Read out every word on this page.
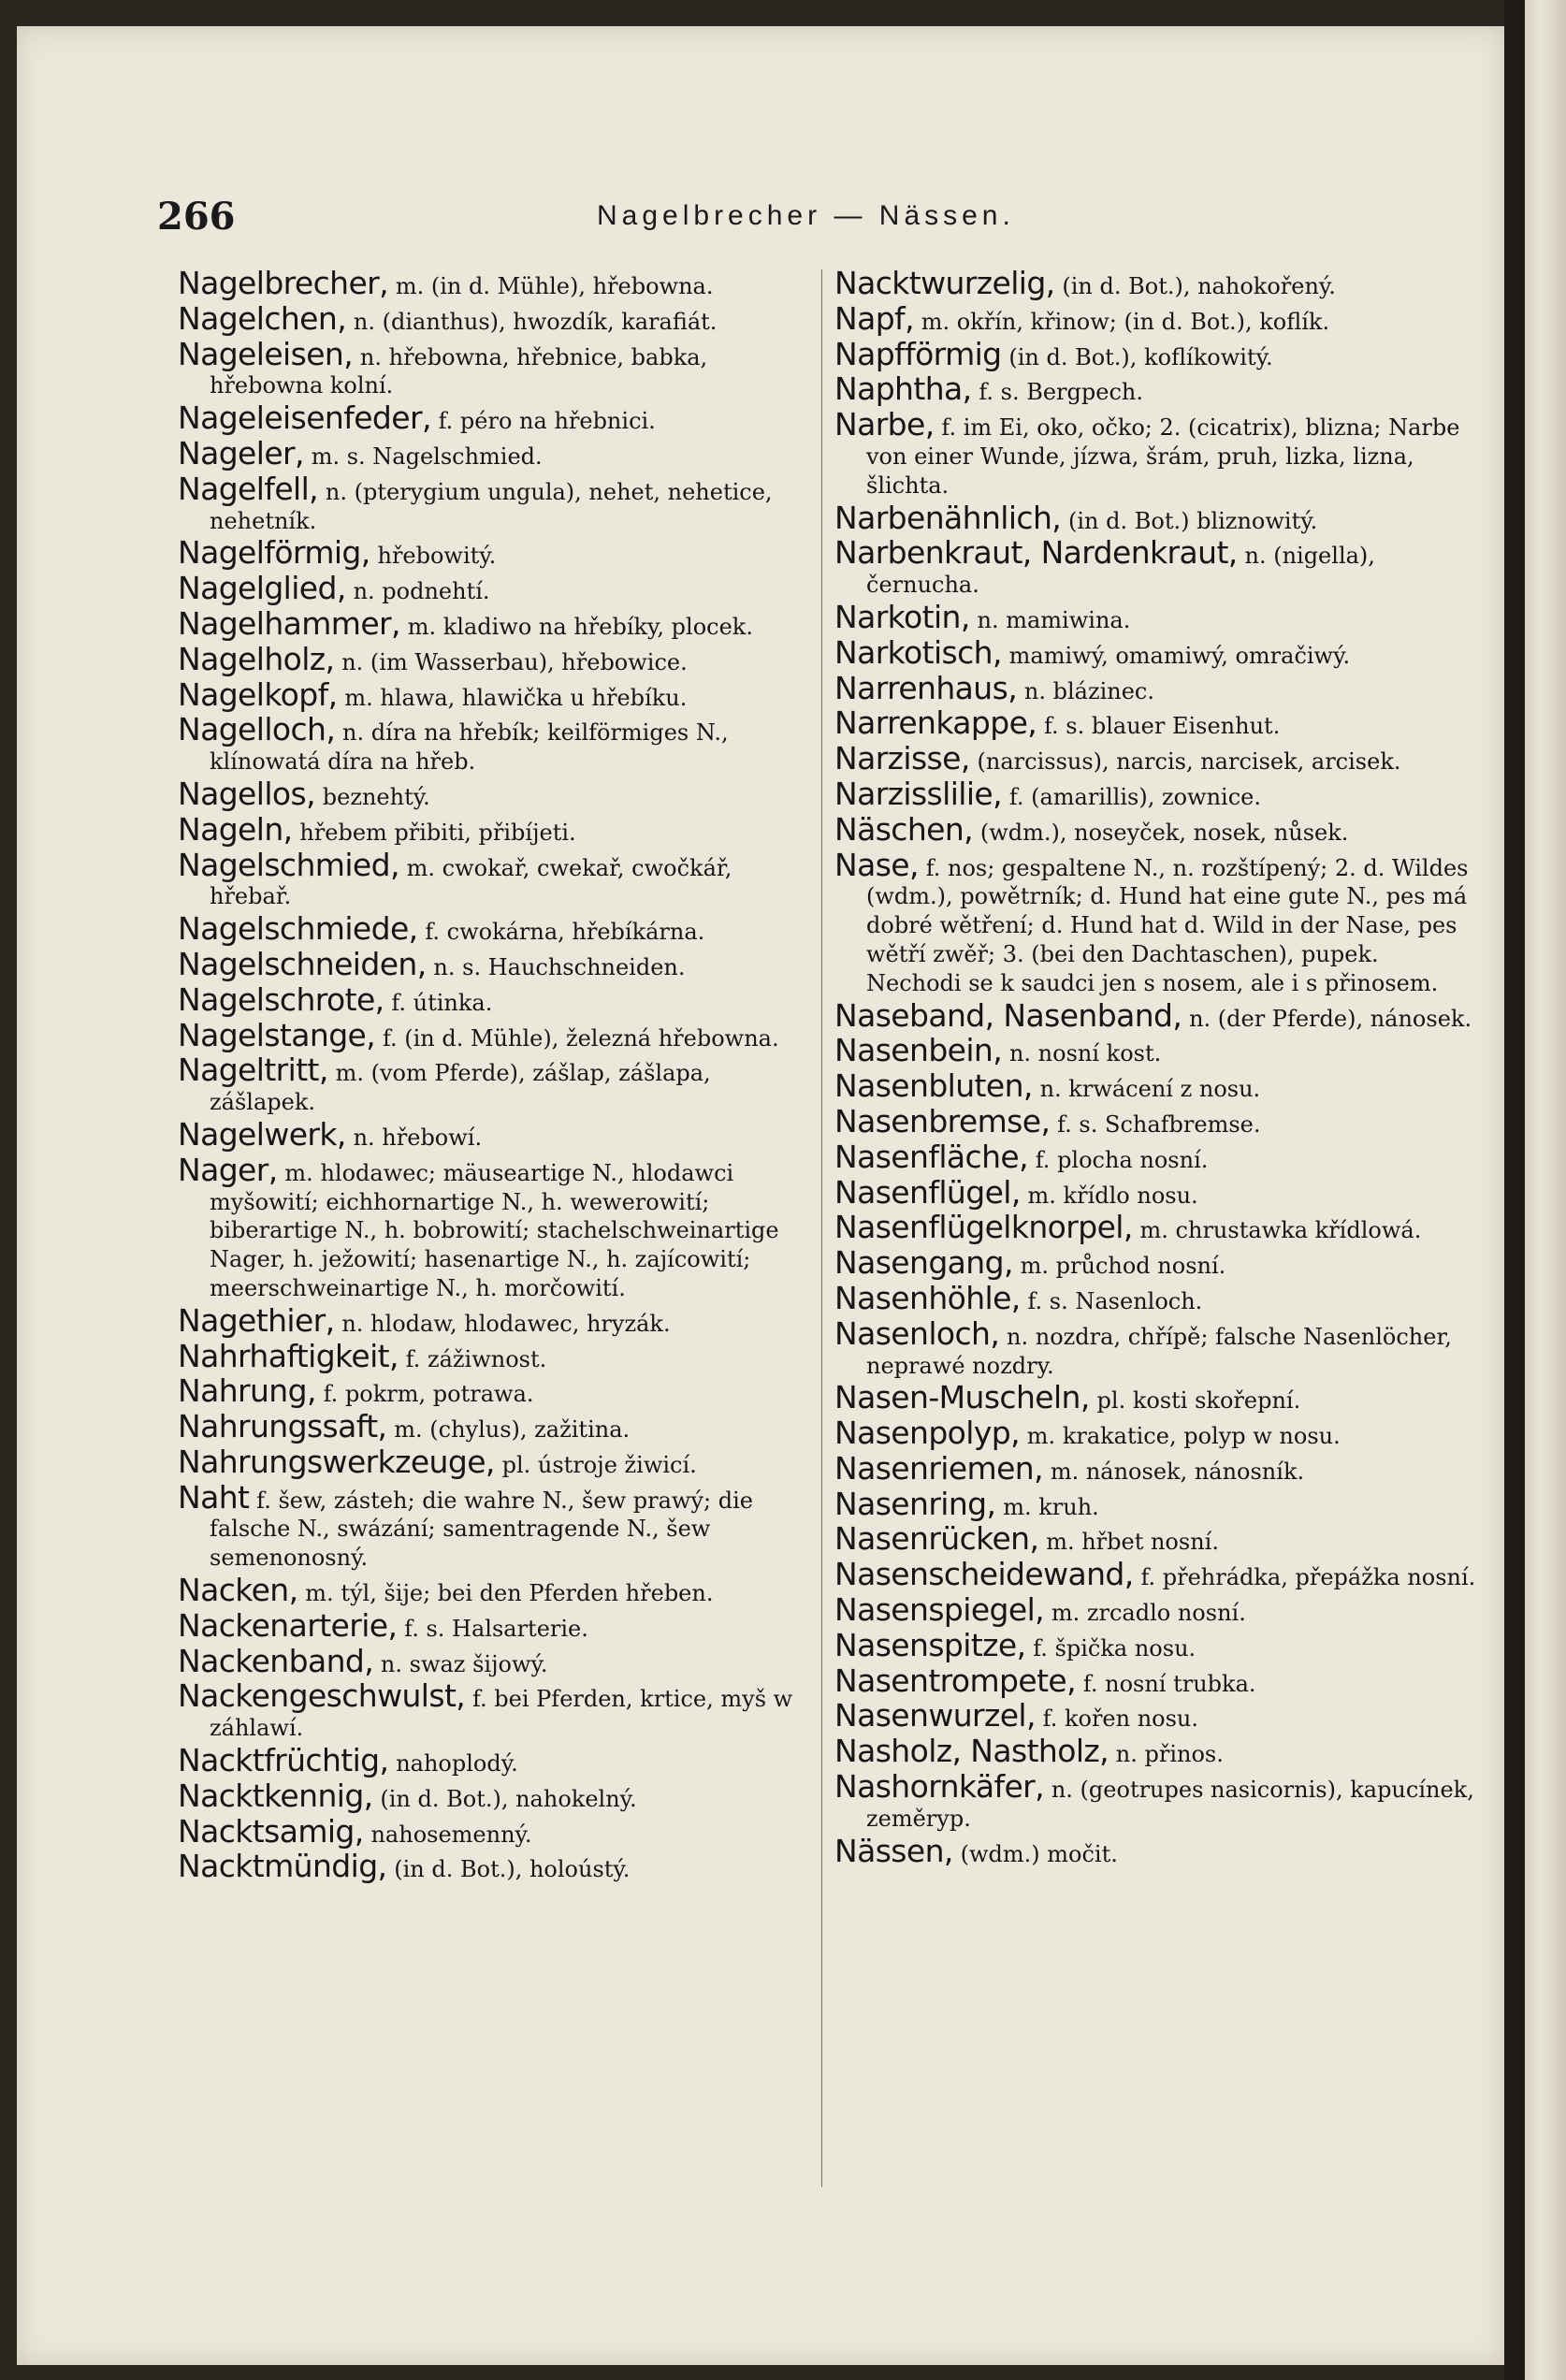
266	Nagelbrecher — Nässen.
Nagelbrecher, m. (in d. Mühle), hřebowna.
Nagelchen, n. (dianthus), hwozdík, karafiát.
Nageleisen, n. hřebowna, hřebnice, babka, hřebowna kolní.
Nageleisenfeder, f. péro na hřebnici.
Nageler, m. s. Nagelschmied.
Nagelfell, n. (pterygium ungula), nehet, nehetice, nehetník.
Nagelförmig, hřebowitý.
Nagelglied, n. podnehtí.
Nagelhammer, m. kladiwo na hřebíky, plocek.
Nagelholz, n. (im Wasserbau), hřebowice.
Nagelkopf, m. hlawa, hlawička u hřebíku.
Nagelloch, n. díra na hřebík; keilförmiges N., klínowatá díra na hřeb.
Nagellos, beznehtý.
Nageln, hřebem přibiti, přibíjeti.
Nagelschmied, m. cwokař, cwekař, cwočkář, hřebař.
Nagelschmiede, f. cwokárna, hřebíkárna.
Nagelschneiden, n. s. Hauchschneiden.
Nagelschrote, f. útinka.
Nagelstange, f. (in d. Mühle), železná hřebowna.
Nageltritt, m. (vom Pferde), zášlap, zášlapa, zášlapek.
Nagelwerk, n. hřebowí.
Nager, m. hlodawec; mäuseartige N., hlodawci myšowití; eichhornartige N., h. wewerowití; biberartige N., h. bobrowití; stachelschweinartige Nager, h. ježowití; hasenartige N., h. zajícowití; meerschweinartige N., h. morčowití.
Nagethier, n. hlodaw, hlodawec, hryzák.
Nahrhaftigkeit, f. zážiwnost.
Nahrung, f. pokrm, potrawa.
Nahrungssaft, m. (chylus), zažitina.
Nahrungswerkzeuge, pl. ústroje žiwicí.
Naht f. šew, zásteh; die wahre N., šew prawý; die falsche N., swázání; samentragende N., šew semenonosný.
Nacken, m. týl, šije; bei den Pferden hřeben.
Nackenarterie, f. s. Halsarterie.
Nackenband, n. swaz šijowý.
Nackengeschwulst, f. bei Pferden, krtice, myš w záhlawí.
Nacktfrüchtig, nahoplodý.
Nacktkennig, (in d. Bot.), nahokelný.
Nacktsamig, nahosemenný.
Nacktmündig, (in d. Bot.), holoústý.
Nacktwurzelig, (in d. Bot.), nahokořený.
Napf, m. okřín, křinow; (in d. Bot.), koflík.
Napfförmig (in d. Bot.), koflíkowitý.
Naphtha, f. s. Bergpech.
Narbe, f. im Ei, oko, očko; 2. (cicatrix), blizna; Narbe von einer Wunde, jízwa, šrám, pruh, lizka, lizna, šlichta.
Narbenähnlich, (in d. Bot.) bliznowitý.
Narbenkraut, Nardenkraut, n. (nigella), černucha.
Narkotin, n. mamiwina.
Narkotisch, mamiwý, omamiwý, omračiwý.
Narrenhaus, n. blázinec.
Narrenkappe, f. s. blauer Eisenhut.
Narzisse, (narcissus), narcis, narcisek, arcisek.
Narzisslilie, f. (amarillis), zownice.
Näschen, (wdm.), noseyček, nosek, nůsek.
Nase, f. nos; gespaltene N., n. rozštípený; 2. d. Wildes (wdm.), powětrník; d. Hund hat eine gute N., pes má dobré wětření; d. Hund hat d. Wild in der Nase, pes wětří zwěř; 3. (bei den Dachtaschen), pupek. Nechodi se k saudci jen s nosem, ale i s přinosem.
Naseband, Nasenband, n. (der Pferde), nánosek.
Nasenbein, n. nosní kost.
Nasenbluten, n. krwácení z nosu.
Nasenbremse, f. s. Schafbremse.
Nasenfläche, f. plocha nosní.
Nasenflügel, m. křídlo nosu.
Nasenflügelknorpel, m. chrustawka křídlowá.
Nasengang, m. průchod nosní.
Nasenhöhle, f. s. Nasenloch.
Nasenloch, n. nozdra, chřípě; falsche Nasenlöcher, neprawé nozdry.
Nasen-Muscheln, pl. kosti skořepní.
Nasenpolyp, m. krakatice, polyp w nosu.
Nasenriemen, m. nánosek, nánosník.
Nasenring, m. kruh.
Nasenrücken, m. hřbet nosní.
Nasenscheidewand, f. přehrádka, přepážka nosní.
Nasenspiegel, m. zrcadlo nosní.
Nasenspitze, f. špička nosu.
Nasentrompete, f. nosní trubka.
Nasenwurzel, f. kořen nosu.
Nasholz, Nastholz, n. přinos.
Nashornkäfer, n. (geotrupes nasicornis), kapucínek, zeměryp.
Nässen, (wdm.) močit.
